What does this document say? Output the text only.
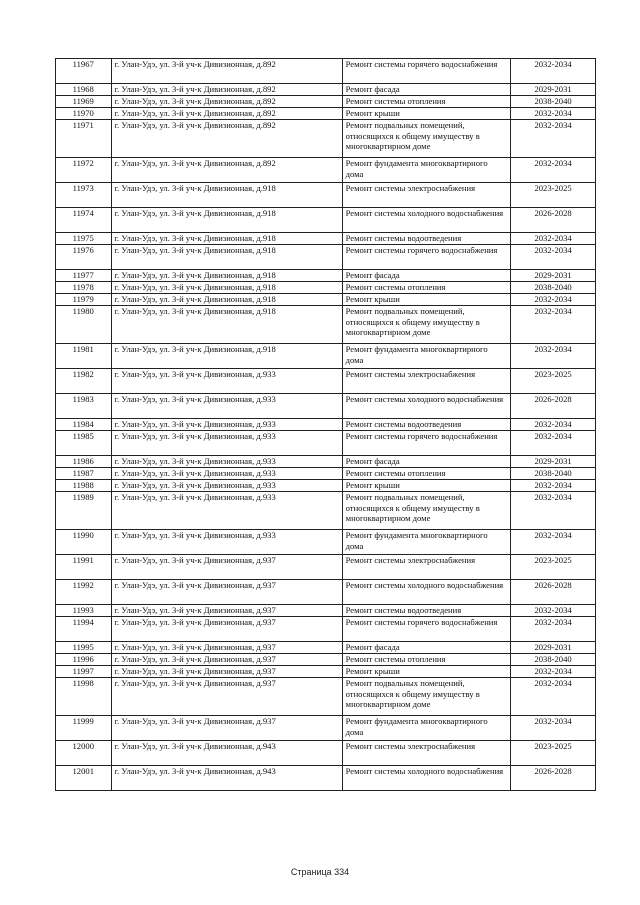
11967	г. Улан-Удэ, ул. 3-й уч-к Дивизионная, д.892	Ремонт системы горячего водоснабжения	2032-2034
11968	г. Улан-Удэ, ул. 3-й уч-к Дивизионная, д.892	Ремонт фасада	2029-2031
11969	г. Улан-Удэ, ул. 3-й уч-к Дивизионная, д.892	Ремонт системы отопления	2038-2040
11970	г. Улан-Удэ, ул. 3-й уч-к Дивизионная, д.892	Ремонт крыши	2032-2034
11971	г. Улан-Удэ, ул. 3-й уч-к Дивизионная, д.892	Ремонт подвальных помещений, относящихся к общему имуществу в многоквартирном доме	2032-2034
11972	г. Улан-Удэ, ул. 3-й уч-к Дивизионная, д.892	Ремонт фундамента многоквартирного дома	2032-2034
11973	г. Улан-Удэ, ул. 3-й уч-к Дивизионная, д.918	Ремонт системы электроснабжения	2023-2025
11974	г. Улан-Удэ, ул. 3-й уч-к Дивизионная, д.918	Ремонт системы холодного водоснабжения	2026-2028
11975	г. Улан-Удэ, ул. 3-й уч-к Дивизионная, д.918	Ремонт системы водоотведения	2032-2034
11976	г. Улан-Удэ, ул. 3-й уч-к Дивизионная, д.918	Ремонт системы горячего водоснабжения	2032-2034
11977	г. Улан-Удэ, ул. 3-й уч-к Дивизионная, д.918	Ремонт фасада	2029-2031
11978	г. Улан-Удэ, ул. 3-й уч-к Дивизионная, д.918	Ремонт системы отопления	2038-2040
11979	г. Улан-Удэ, ул. 3-й уч-к Дивизионная, д.918	Ремонт крыши	2032-2034
11980	г. Улан-Удэ, ул. 3-й уч-к Дивизионная, д.918	Ремонт подвальных помещений, относящихся к общему имуществу в многоквартирном доме	2032-2034
11981	г. Улан-Удэ, ул. 3-й уч-к Дивизионная, д.918	Ремонт фундамента многоквартирного дома	2032-2034
11982	г. Улан-Удэ, ул. 3-й уч-к Дивизионная, д.933	Ремонт системы электроснабжения	2023-2025
11983	г. Улан-Удэ, ул. 3-й уч-к Дивизионная, д.933	Ремонт системы холодного водоснабжения	2026-2028
11984	г. Улан-Удэ, ул. 3-й уч-к Дивизионная, д.933	Ремонт системы водоотведения	2032-2034
11985	г. Улан-Удэ, ул. 3-й уч-к Дивизионная, д.933	Ремонт системы горячего водоснабжения	2032-2034
11986	г. Улан-Удэ, ул. 3-й уч-к Дивизионная, д.933	Ремонт фасада	2029-2031
11987	г. Улан-Удэ, ул. 3-й уч-к Дивизионная, д.933	Ремонт системы отопления	2038-2040
11988	г. Улан-Удэ, ул. 3-й уч-к Дивизионная, д.933	Ремонт крыши	2032-2034
11989	г. Улан-Удэ, ул. 3-й уч-к Дивизионная, д.933	Ремонт подвальных помещений, относящихся к общему имуществу в многоквартирном доме	2032-2034
11990	г. Улан-Удэ, ул. 3-й уч-к Дивизионная, д.933	Ремонт фундамента многоквартирного дома	2032-2034
11991	г. Улан-Удэ, ул. 3-й уч-к Дивизионная, д.937	Ремонт системы электроснабжения	2023-2025
11992	г. Улан-Удэ, ул. 3-й уч-к Дивизионная, д.937	Ремонт системы холодного водоснабжения	2026-2028
11993	г. Улан-Удэ, ул. 3-й уч-к Дивизионная, д.937	Ремонт системы водоотведения	2032-2034
11994	г. Улан-Удэ, ул. 3-й уч-к Дивизионная, д.937	Ремонт системы горячего водоснабжения	2032-2034
11995	г. Улан-Удэ, ул. 3-й уч-к Дивизионная, д.937	Ремонт фасада	2029-2031
11996	г. Улан-Удэ, ул. 3-й уч-к Дивизионная, д.937	Ремонт системы отопления	2038-2040
11997	г. Улан-Удэ, ул. 3-й уч-к Дивизионная, д.937	Ремонт крыши	2032-2034
11998	г. Улан-Удэ, ул. 3-й уч-к Дивизионная, д.937	Ремонт подвальных помещений, относящихся к общему имуществу в многоквартирном доме	2032-2034
11999	г. Улан-Удэ, ул. 3-й уч-к Дивизионная, д.937	Ремонт фундамента многоквартирного дома	2032-2034
12000	г. Улан-Удэ, ул. 3-й уч-к Дивизионная, д.943	Ремонт системы электроснабжения	2023-2025
12001	г. Улан-Удэ, ул. 3-й уч-к Дивизионная, д.943	Ремонт системы холодного водоснабжения	2026-2028
Страница 334
